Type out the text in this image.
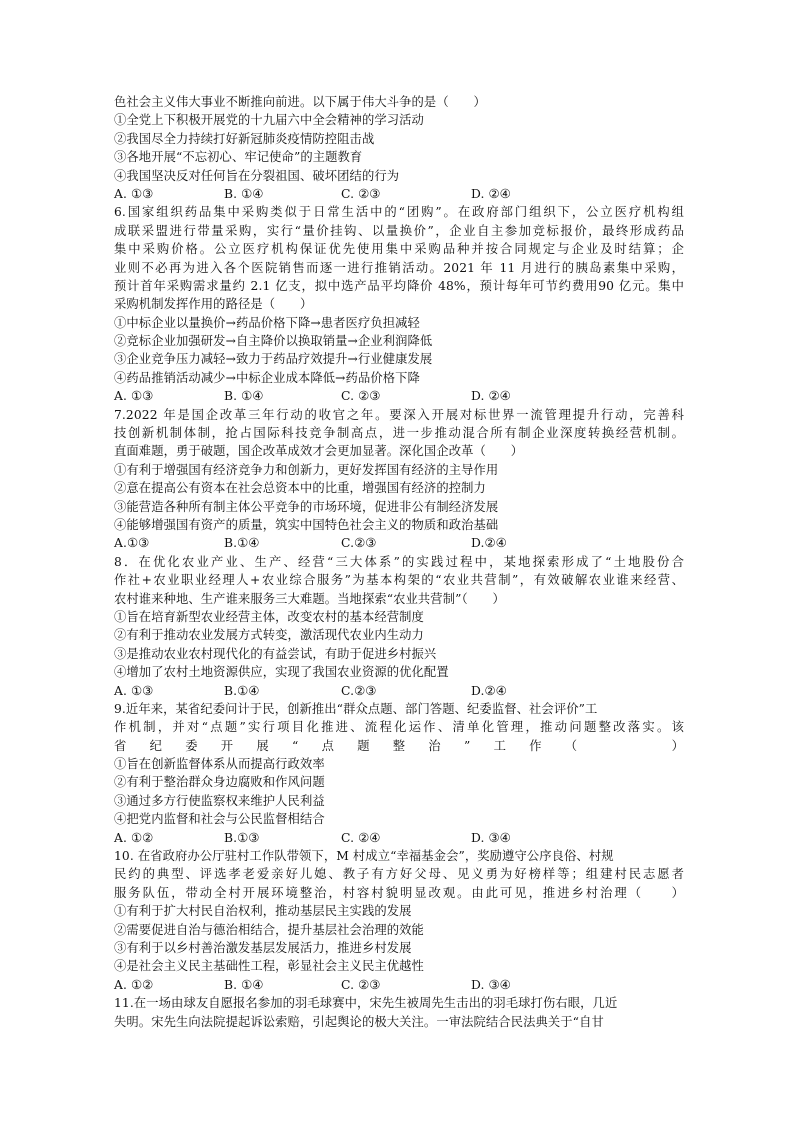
色社会主义伟大事业不断推向前进。以下属于伟大斗争的是（　　）
①全党上下积极开展党的十九届六中全会精神的学习活动
②我国尽全力持续打好新冠肺炎疫情防控阻击战
③各地开展“不忘初心、牢记使命”的主题教育
④我国坚决反对任何旨在分裂祖国、破坏团结的行为
A. ①③	B. ①④	C. ②③	D. ②④
6.国家组织药品集中采购类似于日常生活中的“团购”。在政府部门组织下，公立医疗机构组
成联采盟进行带量采购，实行“量价挂钩、以量换价”，企业自主参加竞标报价，最终形成药品
集中采购价格。公立医疗机构保证优先使用集中采购品种并按合同规定与企业及时结算；企
业则不必再为进入各个医院销售而逐一进行推销活动。2021 年 11 月进行的胰岛素集中采购，
预计首年采购需求量约 2.1 亿支，拟中选产品平均降价 48%，预计每年可节约费用90 亿元。集中
采购机制发挥作用的路径是（　　）
①中标企业以量换价→药品价格下降→患者医疗负担减轻
②竞标企业加强研发→自主降价以换取销量→企业利润降低
③企业竞争压力减轻→致力于药品疗效提升→行业健康发展
④药品推销活动减少→中标企业成本降低→药品价格下降
A. ①③	B. ①④	C. ②③	D. ②④
7.2022 年是国企改革三年行动的收官之年。要深入开展对标世界一流管理提升行动，完善科
技创新机制体制，抢占国际科技竞争制高点，进一步推动混合所有制企业深度转换经营机制。
直面难题，勇于破题，国企改革成效才会更加显著。深化国企改革（　　）
①有利于增强国有经济竞争力和创新力，更好发挥国有经济的主导作用
②意在提高公有资本在社会总资本中的比重，增强国有经济的控制力
③能营造各种所有制主体公平竞争的市场环境，促进非公有制经济发展
④能够增强国有资产的质量，筑实中国特色社会主义的物质和政治基础
A.①③	B.①④	C.②③	D.②④
8．在优化农业产业、生产、经营“三大体系”的实践过程中，某地探索形成了“土地股份合
作社+农业职业经理人+农业综合服务”为基本构架的“农业共营制”，有效破解农业谁来经营、
农村谁来种地、生产谁来服务三大难题。当地探索“农业共营制”（　　）
①旨在培育新型农业经营主体，改变农村的基本经营制度
②有利于推动农业发展方式转变，激活现代农业内生动力
③是推动农业农村现代化的有益尝试，有助于促进乡村振兴
④增加了农村土地资源供应，实现了我国农业资源的优化配置
A. ①③	B.①④	C.②③	D.②④
9.近年来，某省纪委问计于民，创新推出“群众点题、部门答题、纪委监督、社会评价”工
作机制，并对“点题”实行项目化推进、流程化运作、清单化管理，推动问题整改落实。该
省纪委开展“点题整治”工作（　　）
①旨在创新监督体系从而提高行政效率
②有利于整治群众身边腐败和作风问题
③通过多方行使监察权来维护人民利益
④把党内监督和社会与公民监督相结合
A. ①②	B.①③	C. ②④	D. ③④
10. 在省政府办公厅驻村工作队带领下，M 村成立“幸福基金会”，奖励遵守公序良俗、村规
民约的典型、评选孝老爱亲好儿媳、教子有方好父母、见义勇为好榜样等；组建村民志愿者
服务队伍，带动全村开展环境整治，村容村貌明显改观。由此可见，推进乡村治理（　　）
①有利于扩大村民自治权利，推动基层民主实践的发展
②需要促进自治与德治相结合，提升基层社会治理的效能
③有利于以乡村善治激发基层发展活力，推进乡村发展
④是社会主义民主基础性工程，彰显社会主义民主优越性
A. ①②	B. ①④	C. ②③	D. ③④
11.在一场由球友自愿报名参加的羽毛球赛中，宋先生被周先生击出的羽毛球打伤右眼，几近
失明。宋先生向法院提起诉讼索赔，引起舆论的极大关注。一审法院结合民法典关于“自甘
